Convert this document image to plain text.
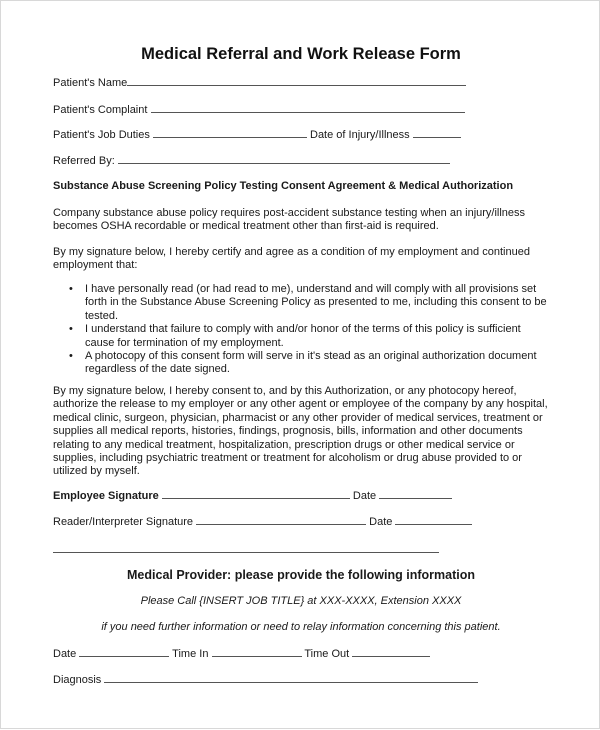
Medical Referral and Work Release Form
Patient's Name
Patient's Complaint
Patient's Job Duties	Date of Injury/Illness
Referred By:
Substance Abuse Screening Policy Testing Consent Agreement & Medical Authorization
Company substance abuse policy requires post-accident substance testing when an injury/illness becomes OSHA recordable or medical treatment other than first-aid is required.
By my signature below, I hereby certify and agree as a condition of my employment and continued employment that:
• I have personally read (or had read to me), understand and will comply with all provisions set forth in the Substance Abuse Screening Policy as presented to me, including this consent to be tested.
• I understand that failure to comply with and/or honor of the terms of this policy is sufficient cause for termination of my employment.
• A photocopy of this consent form will serve in it's stead as an original authorization document regardless of the date signed.
By my signature below, I hereby consent to, and by this Authorization, or any photocopy hereof, authorize the release to my employer or any other agent or employee of the company by any hospital, medical clinic, surgeon, physician, pharmacist or any other provider of medical services, treatment or supplies all medical reports, histories, findings, prognosis, bills, information and other documents relating to any medical treatment, hospitalization, prescription drugs or other medical service or supplies, including psychiatric treatment or treatment for alcoholism or drug abuse provided to or utilized by myself.
Employee Signature	Date
Reader/Interpreter Signature	Date
Medical Provider: please provide the following information
Please Call {INSERT JOB TITLE} at XXX-XXXX, Extension XXXX
if you need further information or need to relay information concerning this patient.
Date	Time In	Time Out
Diagnosis
